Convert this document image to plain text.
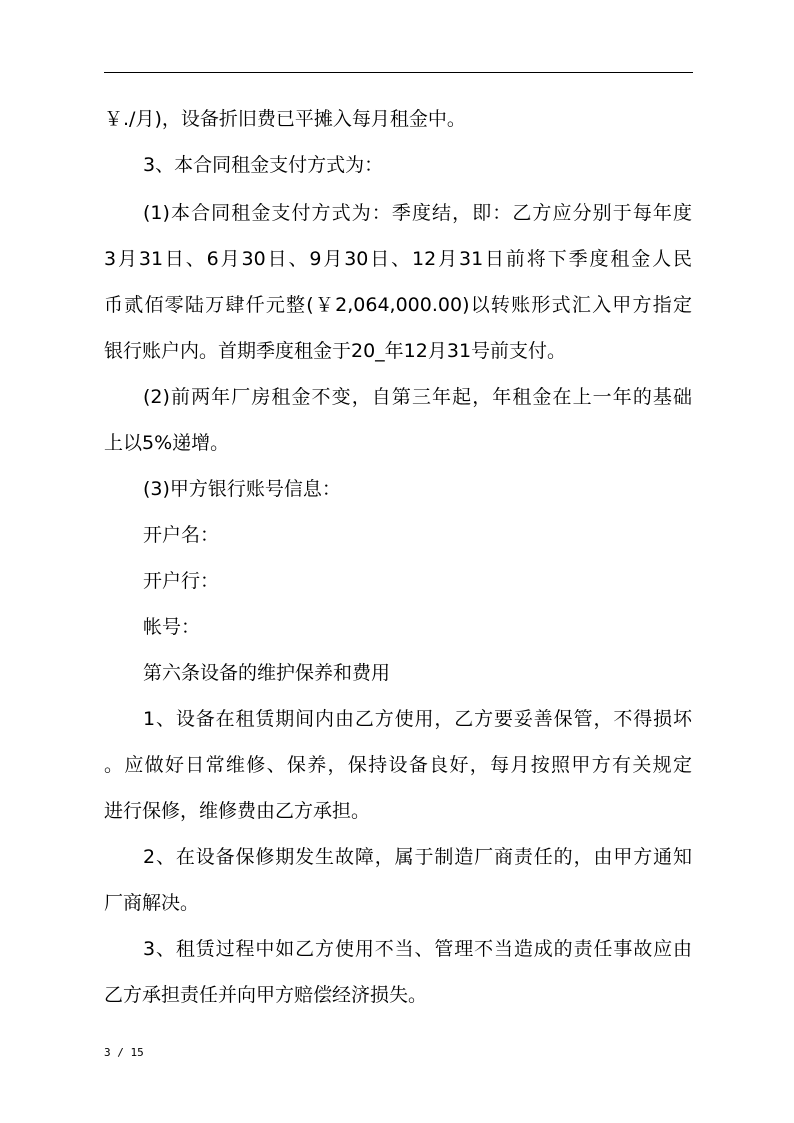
￥./月)，设备折旧费已平摊入每月租金中。
3、本合同租金支付方式为：
(1)本合同租金支付方式为：季度结，即：乙方应分别于每年度
3月31日、6月30日、9月30日、12月31日前将下季度租金人民
币贰佰零陆万肆仟元整(￥2,064,000.00)以转账形式汇入甲方指定
银行账户内。首期季度租金于20_年12月31号前支付。
(2)前两年厂房租金不变，自第三年起，年租金在上一年的基础
上以5%递增。
(3)甲方银行账号信息：
开户名：
开户行：
帐号：
第六条设备的维护保养和费用
1、设备在租赁期间内由乙方使用，乙方要妥善保管，不得损坏
。应做好日常维修、保养，保持设备良好，每月按照甲方有关规定
进行保修，维修费由乙方承担。
2、在设备保修期发生故障，属于制造厂商责任的，由甲方通知
厂商解决。
3、租赁过程中如乙方使用不当、管理不当造成的责任事故应由
乙方承担责任并向甲方赔偿经济损失。
3 / 15
